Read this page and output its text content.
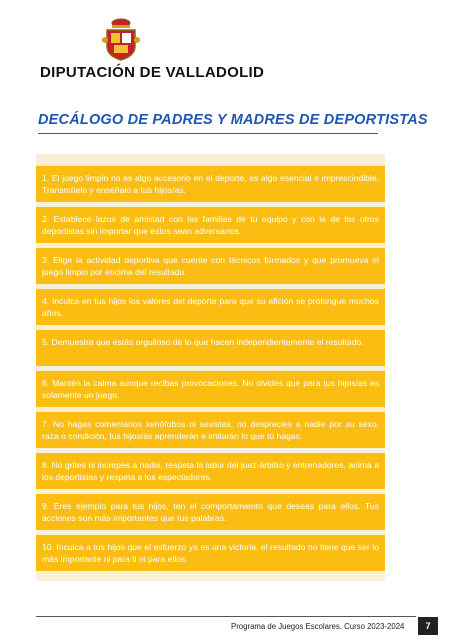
DIPUTACIÓN DE VALLADOLID
DECÁLOGO DE PADRES Y MADRES DE DEPORTISTAS
1. El juego limpio no es algo accesorio en el deporte, es algo esencial e imprescindible. Transmítelo y enséñalo a tus hijos/as.
2. Establece lazos de amistad con las familias de tu equipo y con la de los otros deportistas sin importar que estos sean adversarios.
3. Elige la actividad deportiva que cuente con técnicos formados y que promueva el juego limpio por encima del resultado.
4. Inculca en tus hijos los valores del deporte para que su afición se prolongue muchos años.
5. Demuestra que estás orgulloso de lo que hacen independientemente el resultado.
6. Mantén la calma aunque recibas provocaciones. No olvides que para tus hijos/as es solamente un juego.
7. No hagas comentarios xenófobos ni sexistas, no desprecies a nadie por su sexo, raza o condición, tus hijos/as aprenderán e imitarán lo que tú hagas.
8. No grites ni increpes a nadie, respeta la labor del juez-árbitro y entrenadores, anima a los deportistas y respeta a los espectadores.
9. Eres ejemplo para tus hijos, ten el comportamiento que deseas para ellos. Tus acciones son más importantes que tus palabras.
10. Inculca a tus hijos que el esfuerzo ya es una victoria, el resultado no tiene que ser lo más importante ni para ti ni para ellos.
Programa de Juegos Escolares. Curso 2023-2024	7
